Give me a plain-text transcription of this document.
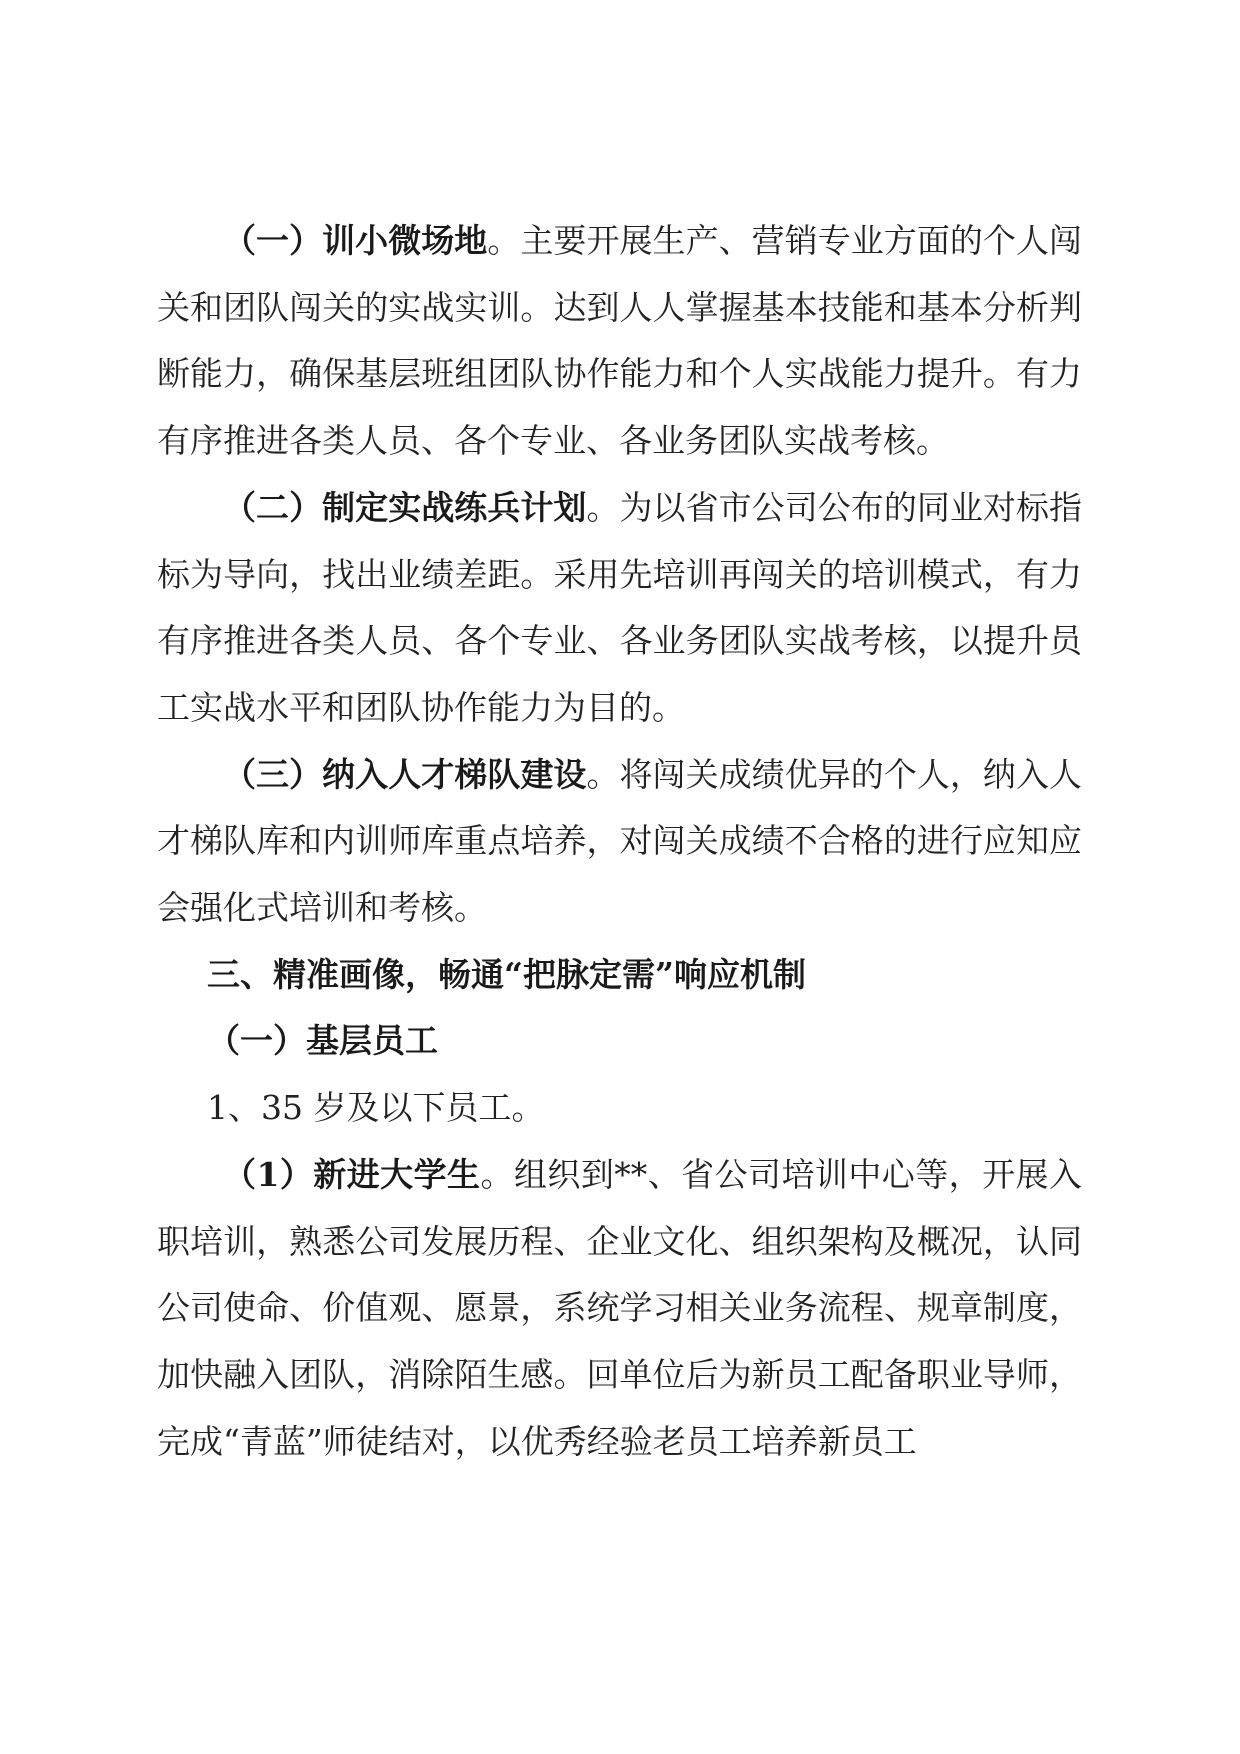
（一）训小微场地。主要开展生产、营销专业方面的个人闯关和团队闯关的实战实训。达到人人掌握基本技能和基本分析判断能力，确保基层班组团队协作能力和个人实战能力提升。有力有序推进各类人员、各个专业、各业务团队实战考核。

（二）制定实战练兵计划。为以省市公司公布的同业对标指标为导向，找出业绩差距。采用先培训再闯关的培训模式，有力有序推进各类人员、各个专业、各业务团队实战考核，以提升员工实战水平和团队协作能力为目的。

（三）纳入人才梯队建设。将闯关成绩优异的个人，纳入人才梯队库和内训师库重点培养，对闯关成绩不合格的进行应知应会强化式培训和考核。

三、精准画像，畅通“把脉定需”响应机制

（一）基层员工

1、35 岁及以下员工。

（1）新进大学生。组织到**、省公司培训中心等，开展入职培训，熟悉公司发展历程、企业文化、组织架构及概况，认同公司使命、价值观、愿景，系统学习相关业务流程、规章制度，加快融入团队，消除陌生感。回单位后为新员工配备职业导师，完成“青蓝”师徒结对，以优秀经验老员工培养新员工
